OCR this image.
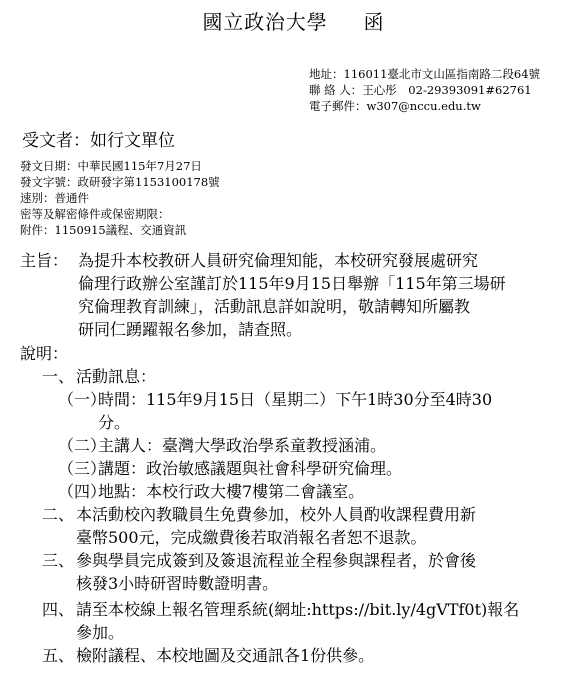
國立政治大學 函
地址：116011臺北市文山區指南路二段64號
聯 絡 人：王心彤　02-29393091#62761
電子郵件：w307@nccu.edu.tw
受文者：如行文單位
發文日期：中華民國115年7月27日
發文字號：政研發字第1153100178號
速別：普通件
密等及解密條件或保密期限：
附件：1150915議程、交通資訊
主旨： 為提升本校教研人員研究倫理知能，本校研究發展處研究
倫理行政辦公室謹訂於115年9月15日舉辦「115年第三場研
究倫理教育訓練」，活動訊息詳如說明，敬請轉知所屬教
研同仁踴躍報名參加，請查照。
說明：
一、 活動訊息：
（一）
時間：115年9月15日（星期二）下午1時30分至4時30
分。
（二）
主講人：臺灣大學政治學系童教授涵浦。
（三）
講題：政治敏感議題與社會科學研究倫理。
（四）
地點：本校行政大樓7樓第二會議室。
二、 本活動校內教職員生免費參加，校外人員酌收課程費用新
臺幣500元，完成繳費後若取消報名者恕不退款。
三、 參與學員完成簽到及簽退流程並全程參與課程者，於會後
核發3小時研習時數證明書。
四、 請至本校線上報名管理系統(網址:https://bit.ly/4gVTf0t)報名
參加。
五、 檢附議程、本校地圖及交通訊各1份供參。
